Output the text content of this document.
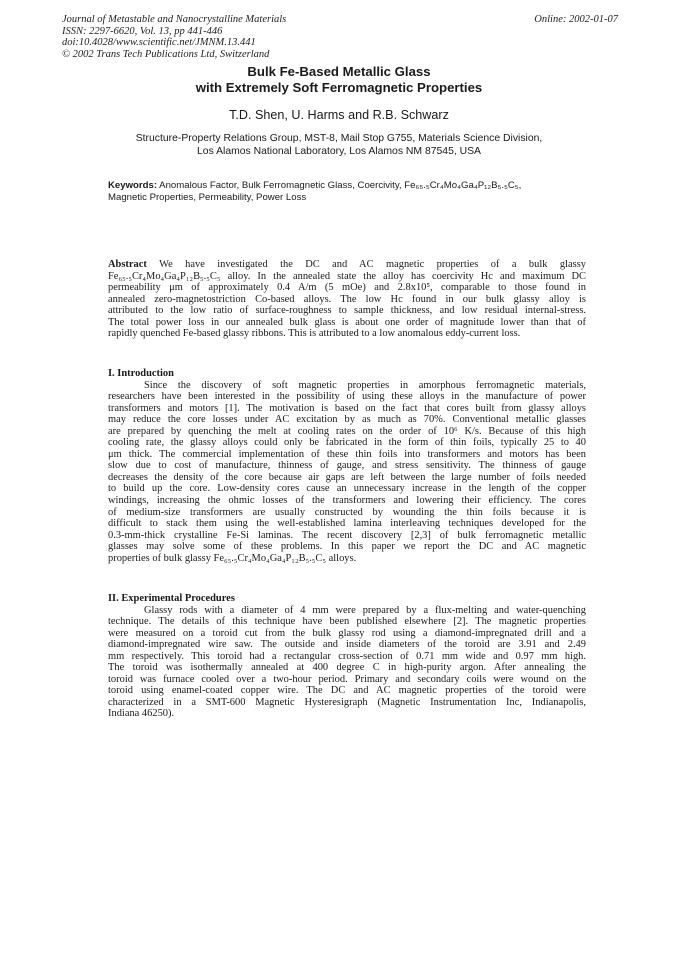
Journal of Metastable and Nanocrystalline Materials
ISSN: 2297-6620, Vol. 13, pp 441-446
doi:10.4028/www.scientific.net/JMNM.13.441
© 2002 Trans Tech Publications Ltd, Switzerland
Online: 2002-01-07
Bulk Fe-Based Metallic Glass
with Extremely Soft Ferromagnetic Properties
T.D. Shen, U. Harms and R.B. Schwarz
Structure-Property Relations Group, MST-8, Mail Stop G755, Materials Science Division,
Los Alamos National Laboratory, Los Alamos NM 87545, USA
Keywords: Anomalous Factor, Bulk Ferromagnetic Glass, Coercivity, Fe₆₅.₅Cr₄Mo₄Ga₄P₁₂B₅.₅C₅,
Magnetic Properties, Permeability, Power Loss
Abstract We have investigated the DC and AC magnetic properties of a bulk glassy
Fe₆₅.₅Cr₄Mo₄Ga₄P₁₂B₅.₅C₅ alloy. In the annealed state the alloy has coercivity Hc and maximum DC
permeability μm of approximately 0.4 A/m (5 mOe) and 2.8x10⁵, comparable to those found in
annealed zero-magnetostriction Co-based alloys. The low Hc found in our bulk glassy alloy is
attributed to the low ratio of surface-roughness to sample thickness, and low residual internal-stress.
The total power loss in our annealed bulk glass is about one order of magnitude lower than that of
rapidly quenched Fe-based glassy ribbons. This is attributed to a low anomalous eddy-current loss.
I. Introduction
Since the discovery of soft magnetic properties in amorphous ferromagnetic materials,
researchers have been interested in the possibility of using these alloys in the manufacture of power
transformers and motors [1]. The motivation is based on the fact that cores built from glassy alloys
may reduce the core losses under AC excitation by as much as 70%. Conventional metallic glasses
are prepared by quenching the melt at cooling rates on the order of 10⁶ K/s. Because of this high
cooling rate, the glassy alloys could only be fabricated in the form of thin foils, typically 25 to 40
μm thick. The commercial implementation of these thin foils into transformers and motors has been
slow due to cost of manufacture, thinness of gauge, and stress sensitivity. The thinness of gauge
decreases the density of the core because air gaps are left between the large number of foils needed
to build up the core. Low-density cores cause an unnecessary increase in the length of the copper
windings, increasing the ohmic losses of the transformers and lowering their efficiency. The cores
of medium-size transformers are usually constructed by wounding the thin foils because it is
difficult to stack them using the well-established lamina interleaving techniques developed for the
0.3-mm-thick crystalline Fe-Si laminas. The recent discovery [2,3] of bulk ferromagnetic metallic
glasses may solve some of these problems. In this paper we report the DC and AC magnetic
properties of bulk glassy Fe₆₅.₅Cr₄Mo₄Ga₄P₁₂B₅.₅C₅ alloys.
II. Experimental Procedures
Glassy rods with a diameter of 4 mm were prepared by a flux-melting and water-quenching
technique. The details of this technique have been published elsewhere [2]. The magnetic properties
were measured on a toroid cut from the bulk glassy rod using a diamond-impregnated drill and a
diamond-impregnated wire saw. The outside and inside diameters of the toroid are 3.91 and 2.49
mm respectively. This toroid had a rectangular cross-section of 0.71 mm wide and 0.97 mm high.
The toroid was isothermally annealed at 400 degree C in high-purity argon. After annealing the
toroid was furnace cooled over a two-hour period. Primary and secondary coils were wound on the
toroid using enamel-coated copper wire. The DC and AC magnetic properties of the toroid were
characterized in a SMT-600 Magnetic Hysteresigraph (Magnetic Instrumentation Inc, Indianapolis,
Indiana 46250).
